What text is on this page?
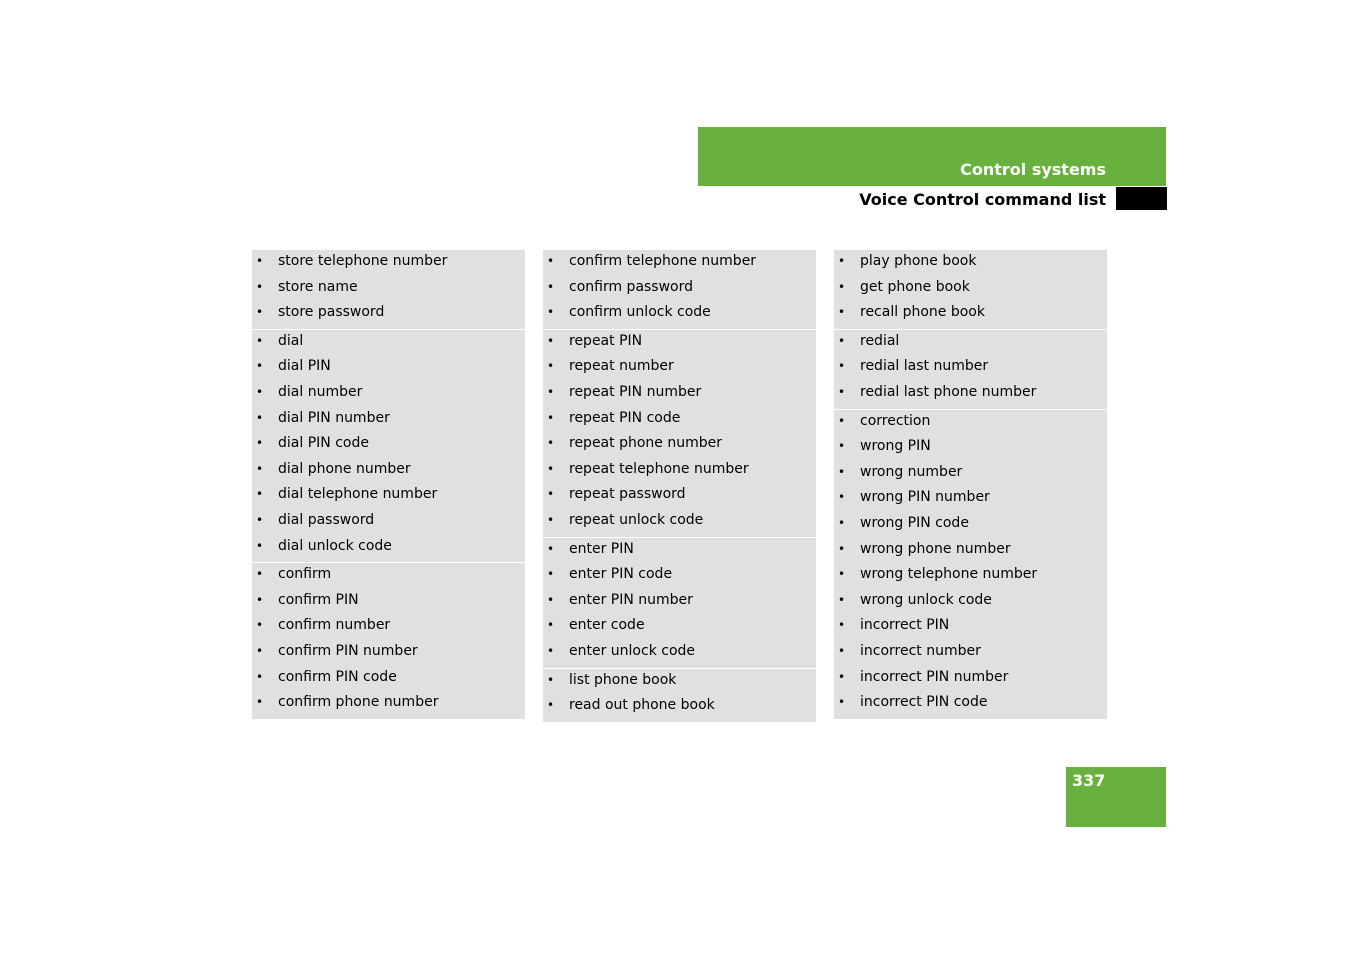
Control systems
Voice Control command list
• store telephone number
• store name
• store password
• dial
• dial PIN
• dial number
• dial PIN number
• dial PIN code
• dial phone number
• dial telephone number
• dial password
• dial unlock code
• confirm
• confirm PIN
• confirm number
• confirm PIN number
• confirm PIN code
• confirm phone number
• confirm telephone number
• confirm password
• confirm unlock code
• repeat PIN
• repeat number
• repeat PIN number
• repeat PIN code
• repeat phone number
• repeat telephone number
• repeat password
• repeat unlock code
• enter PIN
• enter PIN code
• enter PIN number
• enter code
• enter unlock code
• list phone book
• read out phone book
• play phone book
• get phone book
• recall phone book
• redial
• redial last number
• redial last phone number
• correction
• wrong PIN
• wrong number
• wrong PIN number
• wrong PIN code
• wrong phone number
• wrong telephone number
• wrong unlock code
• incorrect PIN
• incorrect number
• incorrect PIN number
• incorrect PIN code
337
